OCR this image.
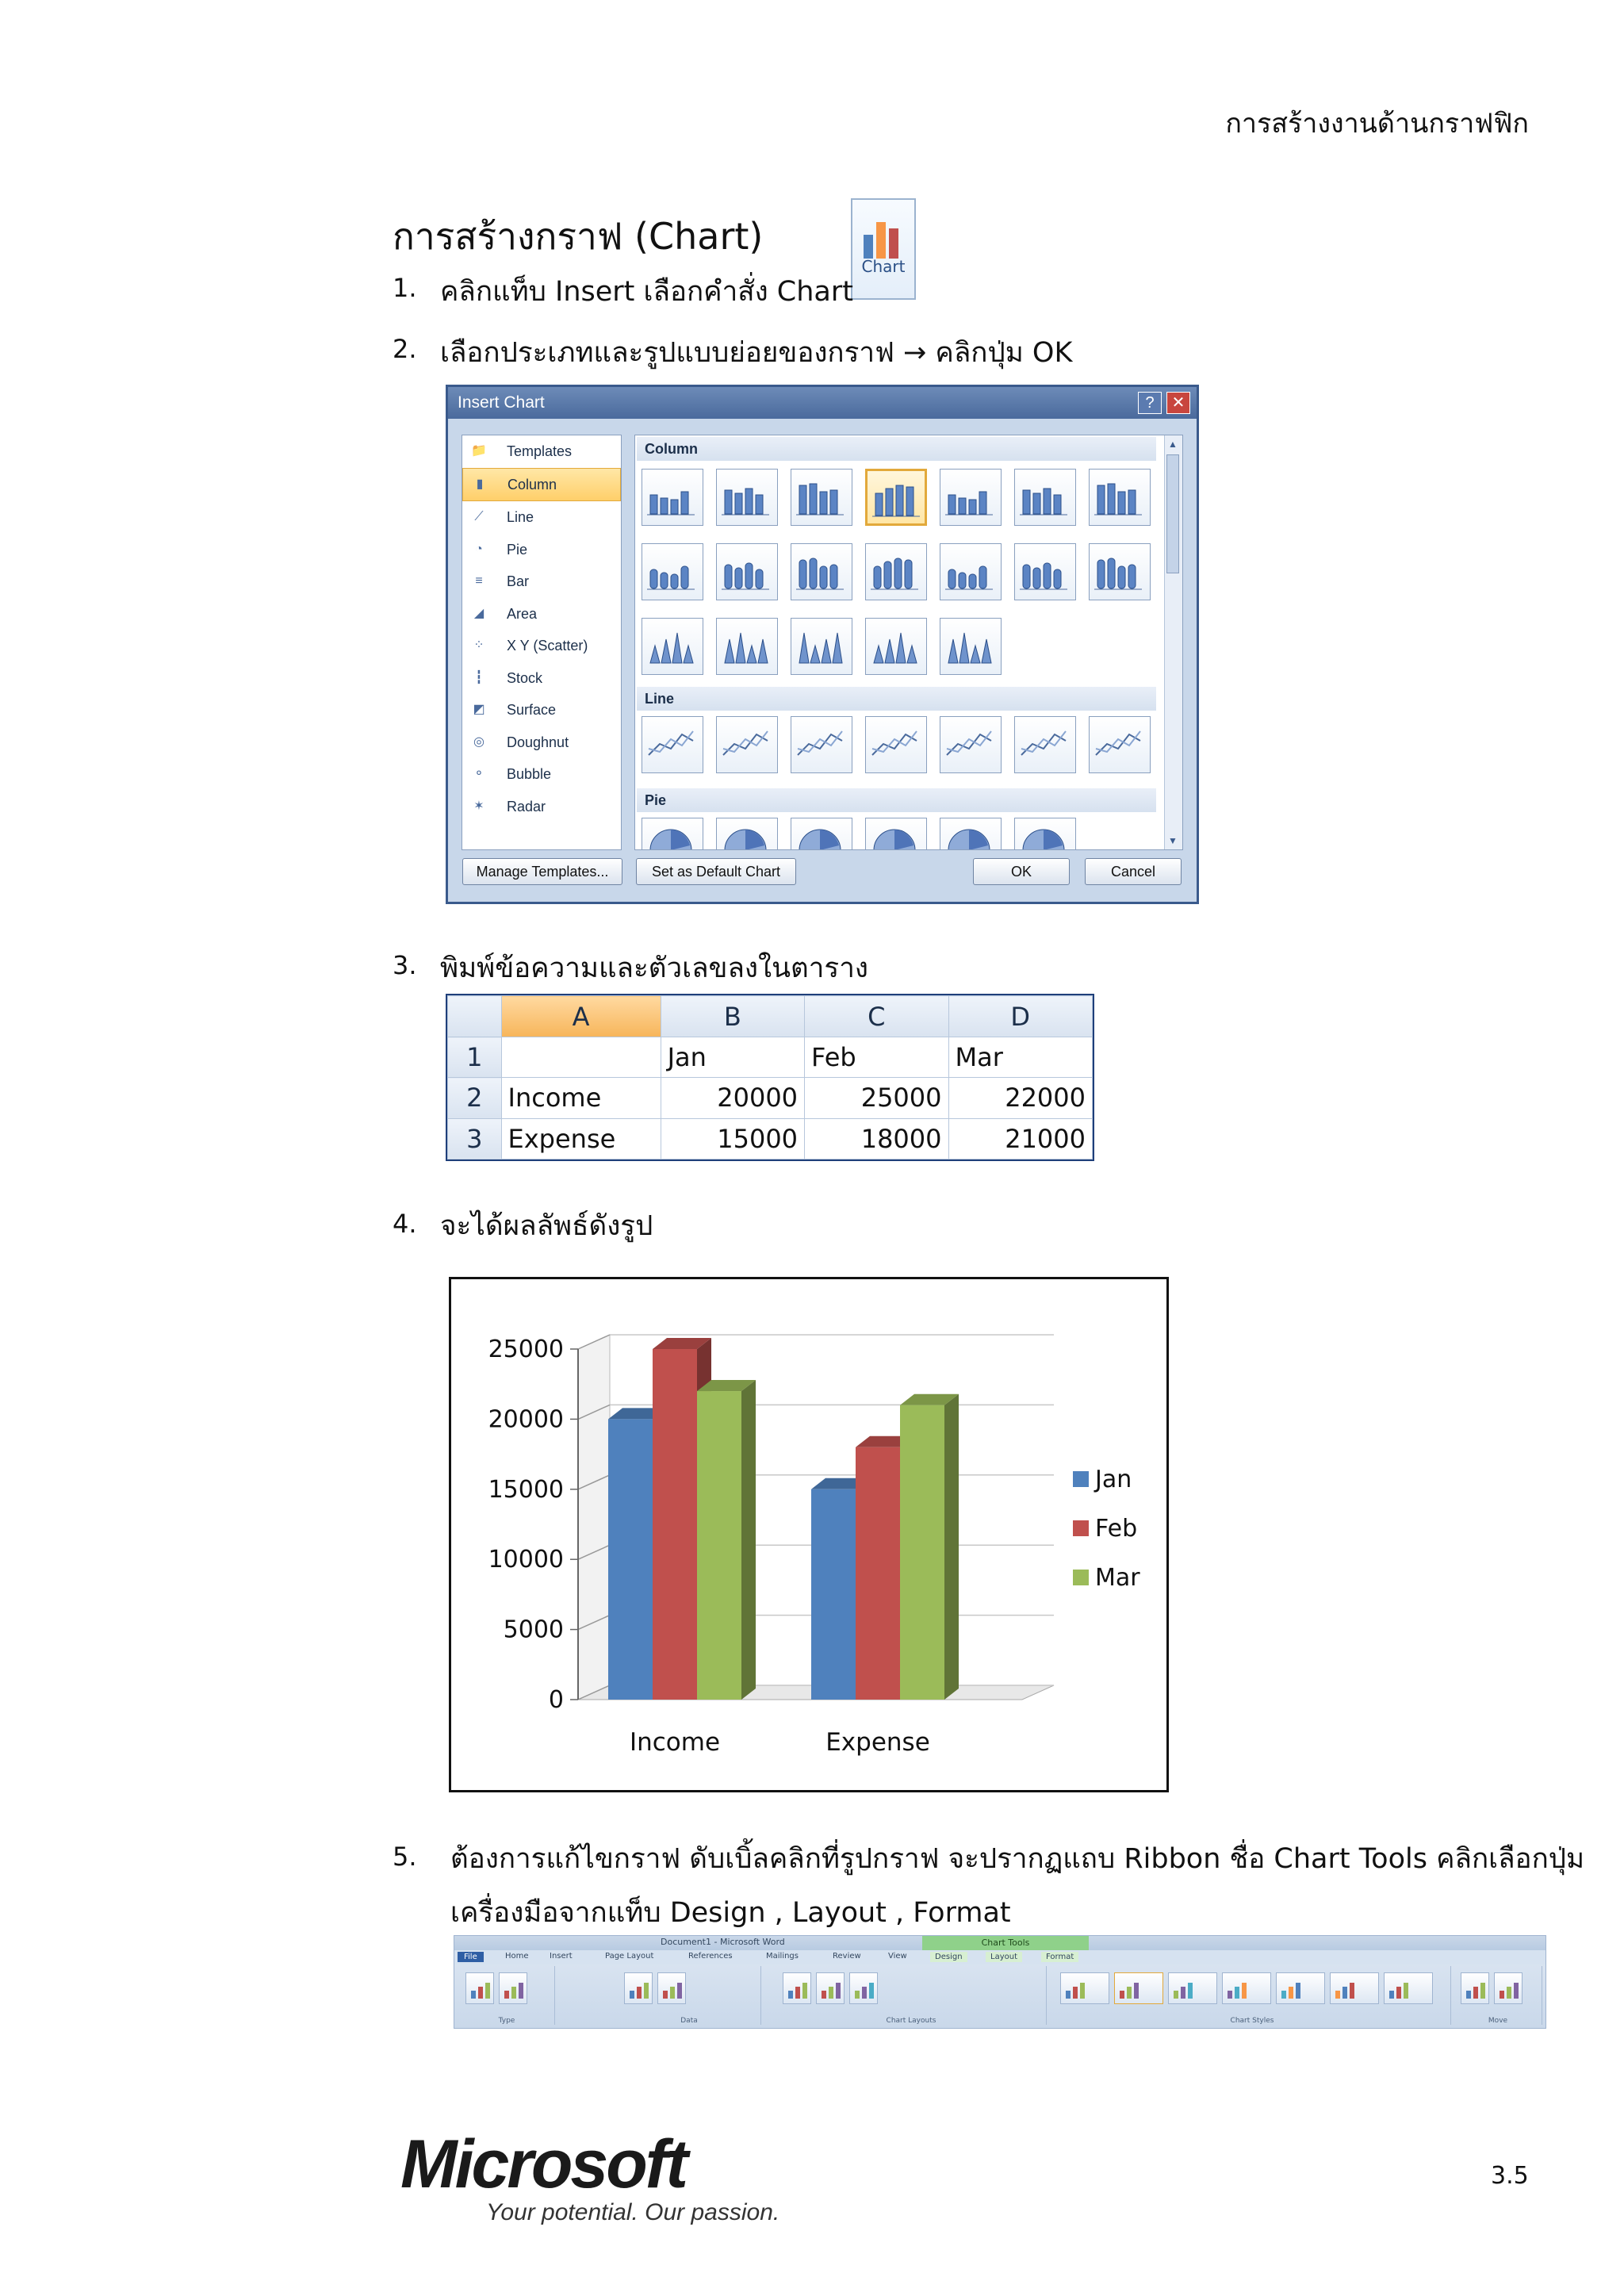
การสร้างงานด้านกราฟฟิก
การสร้างกราฟ (Chart)
Chart
1. คลิกแท็บ Insert เลือกคำสั่ง Chart
2. เลือกประเภทและรูปแบบย่อยของกราฟ → คลิกปุ่ม OK
Insert Chart	?	✕
📁 Templates
▮	Column
⟋	Line
◔	Pie
≡	Bar
◢ Area
⁘ X Y (Scatter)
┇	Stock
◩ Surface
◎ Doughnut
⚬ Bubble
✶ Radar
Column
Line
Pie
▲
▼
Manage Templates...	Set as Default Chart	OK	Cancel
3. พิมพ์ข้อความและตัวเลขลงในตาราง
	A	B	C	D
1		Jan	Feb	Mar
2	Income	20000	25000	22000
3	Expense	15000	18000	21000
4. จะได้ผลลัพธ์ดังรูป
25000
20000
15000
10000
5000
0
Income	Expense
Jan
Feb
Mar
5. ต้องการแก้ไขกราฟ ดับเบิ้ลคลิกที่รูปกราฟ จะปรากฏแถบ Ribbon ชื่อ Chart Tools คลิกเลือกปุ่ม
เครื่องมือจากแท็บ Design , Layout , Format
Document1 - Microsoft Word	Chart Tools
File	Home	Insert	Page Layout	References	Mailings	Review	View	Design	Layout	Format
Type	Data	Chart Layouts	Chart Styles	Move
Microsoft
Your potential. Our passion.
3.5
